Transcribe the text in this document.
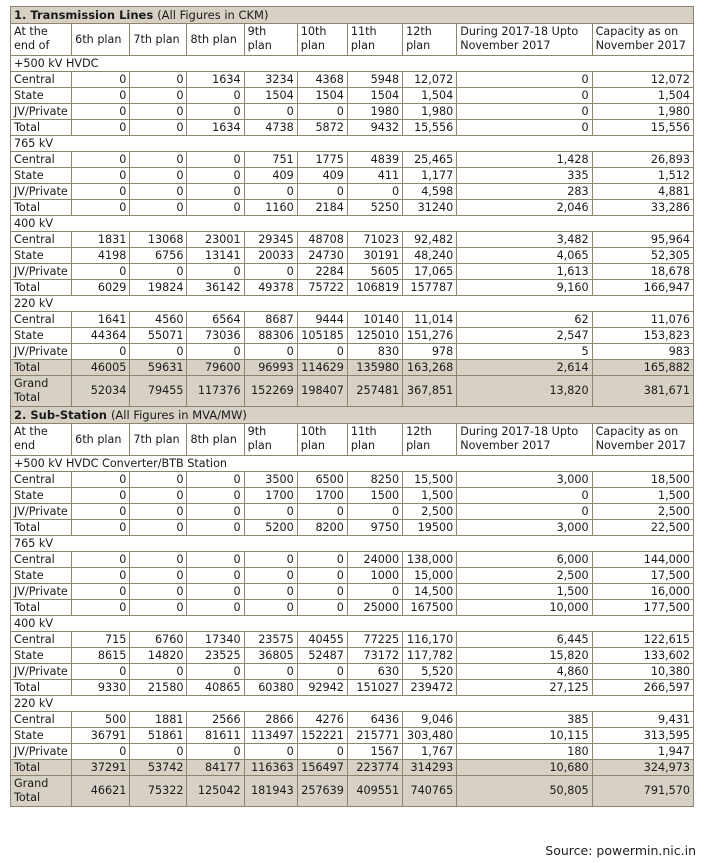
1. Transmission Lines (All Figures in CKM)									
At the end of	6th plan	7th plan	8th plan	9th plan	10th plan	11th plan	12th plan	During 2017-18 Upto November 2017	Capacity as on November 2017
+500 kV HVDC									
Central	0	0	1634	3234	4368	5948	12,072	0	12,072
State	0	0	0	1504	1504	1504	1,504	0	1,504
JV/Private	0	0	0	0	0	1980	1,980	0	1,980
Total	0	0	1634	4738	5872	9432	15,556	0	15,556
765 kV									
Central	0	0	0	751	1775	4839	25,465	1,428	26,893
State	0	0	0	409	409	411	1,177	335	1,512
JV/Private	0	0	0	0	0	0	4,598	283	4,881
Total	0	0	0	1160	2184	5250	31240	2,046	33,286
400 kV									
Central	1831	13068	23001	29345	48708	71023	92,482	3,482	95,964
State	4198	6756	13141	20033	24730	30191	48,240	4,065	52,305
JV/Private	0	0	0	0	2284	5605	17,065	1,613	18,678
Total	6029	19824	36142	49378	75722	106819	157787	9,160	166,947
220 kV									
Central	1641	4560	6564	8687	9444	10140	11,014	62	11,076
State	44364	55071	73036	88306	105185	125010	151,276	2,547	153,823
JV/Private	0	0	0	0	0	830	978	5	983
Total	46005	59631	79600	96993	114629	135980	163,268	2,614	165,882
Grand Total	52034	79455	117376	152269	198407	257481	367,851	13,820	381,671
2. Sub-Station (All Figures in MVA/MW)									
At the end	6th plan	7th plan	8th plan	9th plan	10th plan	11th plan	12th plan	During 2017-18 Upto November 2017	Capacity as on November 2017
+500 kV HVDC Converter/BTB Station									
Central	0	0	0	3500	6500	8250	15,500	3,000	18,500
State	0	0	0	1700	1700	1500	1,500	0	1,500
JV/Private	0	0	0	0	0	0	2,500	0	2,500
Total	0	0	0	5200	8200	9750	19500	3,000	22,500
765 kV									
Central	0	0	0	0	0	24000	138,000	6,000	144,000
State	0	0	0	0	0	1000	15,000	2,500	17,500
JV/Private	0	0	0	0	0	0	14,500	1,500	16,000
Total	0	0	0	0	0	25000	167500	10,000	177,500
400 kV									
Central	715	6760	17340	23575	40455	77225	116,170	6,445	122,615
State	8615	14820	23525	36805	52487	73172	117,782	15,820	133,602
JV/Private	0	0	0	0	0	630	5,520	4,860	10,380
Total	9330	21580	40865	60380	92942	151027	239472	27,125	266,597
220 kV									
Central	500	1881	2566	2866	4276	6436	9,046	385	9,431
State	36791	51861	81611	113497	152221	215771	303,480	10,115	313,595
JV/Private	0	0	0	0	0	1567	1,767	180	1,947
Total	37291	53742	84177	116363	156497	223774	314293	10,680	324,973
Grand Total	46621	75322	125042	181943	257639	409551	740765	50,805	791,570
Source: powermin.nic.in
